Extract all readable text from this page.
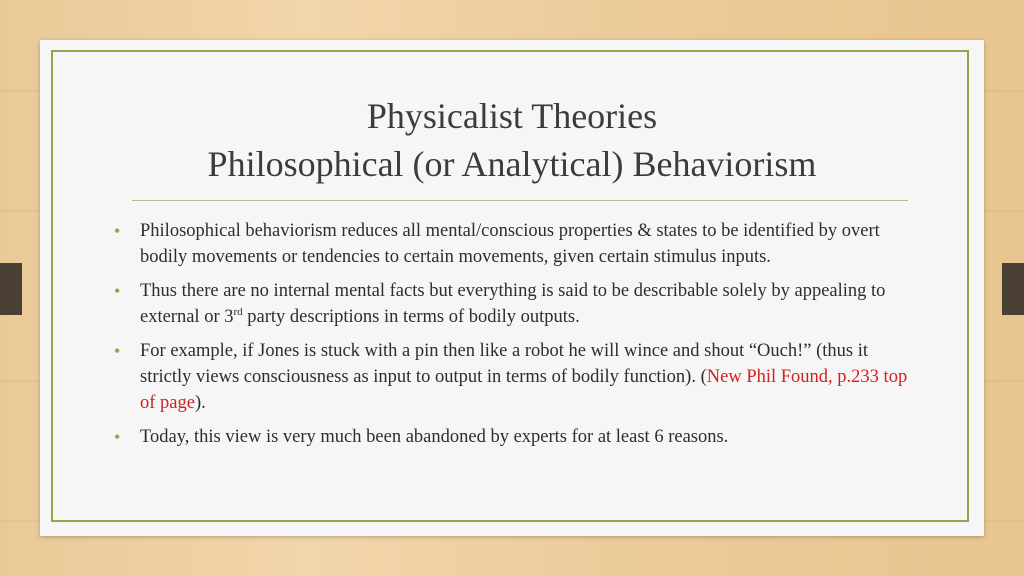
Physicalist Theories
Philosophical (or Analytical) Behaviorism
• Philosophical behaviorism reduces all mental/conscious properties & states to be identified by overt bodily movements or tendencies to certain movements, given certain stimulus inputs.
• Thus there are no internal mental facts but everything is said to be describable solely by appealing to external or 3rd party descriptions in terms of bodily outputs.
• For example, if Jones is stuck with a pin then like a robot he will wince and shout “Ouch!” (thus it strictly views consciousness as input to output in terms of bodily function). (New Phil Found, p.233 top of page).
• Today, this view is very much been abandoned by experts for at least 6 reasons.
